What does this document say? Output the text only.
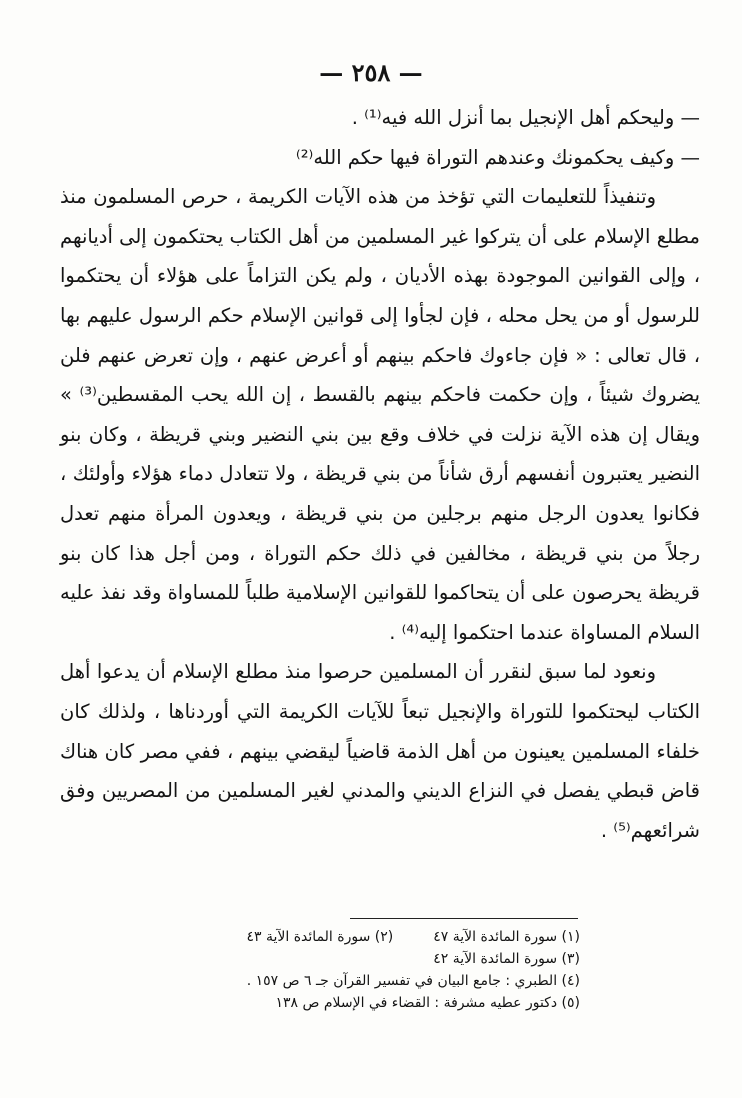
— ٢٥٨ —

— وليحكم أهل الإنجيل بما أنزل الله فيه⁽¹⁾ .

— وكيف يحكمونك وعندهم التوراة فيها حكم الله⁽²⁾

وتنفيذاً للتعليمات التي تؤخذ من هذه الآيات الكريمة ، حرص المسلمون منذ مطلع الإسلام على أن يتركوا غير المسلمين من أهل الكتاب يحتكمون إلى أديانهم ، وإلى القوانين الموجودة بهذه الأديان ، ولم يكن التزاماً على هؤلاء أن يحتكموا للرسول أو من يحل محله ، فإن لجأوا إلى قوانين الإسلام حكم الرسول عليهم بها ، قال تعالى : « فإن جاءوك فاحكم بينهم أو أعرض عنهم ، وإن تعرض عنهم فلن يضروك شيئاً ، وإن حكمت فاحكم بينهم بالقسط ، إن الله يحب المقسطين⁽³⁾ » ويقال إن هذه الآية نزلت في خلاف وقع بين بني النضير وبني قريظة ، وكان بنو النضير يعتبرون أنفسهم أرق شأناً من بني قريظة ، ولا تتعادل دماء هؤلاء وأولئك ، فكانوا يعدون الرجل منهم برجلين من بني قريظة ، ويعدون المرأة منهم تعدل رجلاً من بني قريظة ، مخالفين في ذلك حكم التوراة ، ومن أجل هذا كان بنو قريظة يحرصون على أن يتحاكموا للقوانين الإسلامية طلباً للمساواة وقد نفذ عليه السلام المساواة عندما احتكموا إليه⁽⁴⁾ .

ونعود لما سبق لنقرر أن المسلمين حرصوا منذ مطلع الإسلام أن يدعوا أهل الكتاب ليحتكموا للتوراة والإنجيل تبعاً للآيات الكريمة التي أوردناها ، ولذلك كان خلفاء المسلمين يعينون من أهل الذمة قاضياً ليقضي بينهم ، ففي مصر كان هناك قاض قبطي يفصل في النزاع الديني والمدني لغير المسلمين من المصريين وفق شرائعهم⁽⁵⁾ .

(١) سورة المائدة الآية ٤٧
(٢) سورة المائدة الآية ٤٣
(٣) سورة المائدة الآية ٤٢
(٤) الطبري : جامع البيان في تفسير القرآن جـ ٦ ص ١٥٧ .
(٥) دكتور عطيه مشرفة : القضاء في الإسلام ص ١٣٨
